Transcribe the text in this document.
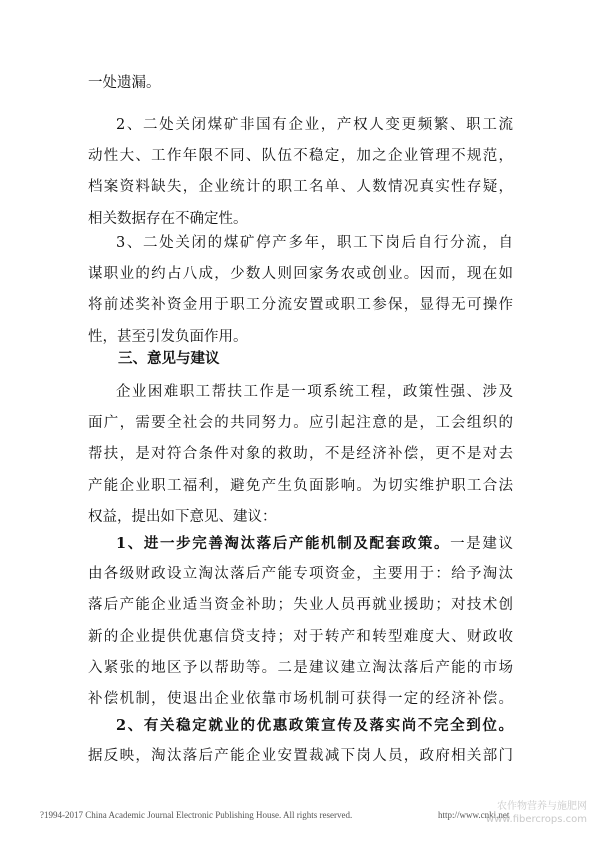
一处遗漏。
2、二处关闭煤矿非国有企业，产权人变更频繁、职工流
动性大、工作年限不同、队伍不稳定，加之企业管理不规范，
档案资料缺失，企业统计的职工名单、人数情况真实性存疑，
相关数据存在不确定性。
3、二处关闭的煤矿停产多年，职工下岗后自行分流，自
谋职业的约占八成，少数人则回家务农或创业。因而，现在如
将前述奖补资金用于职工分流安置或职工参保，显得无可操作
性，甚至引发负面作用。
三、意见与建议
企业困难职工帮扶工作是一项系统工程，政策性强、涉及
面广，需要全社会的共同努力。应引起注意的是，工会组织的
帮扶，是对符合条件对象的救助，不是经济补偿，更不是对去
产能企业职工福利，避免产生负面影响。为切实维护职工合法
权益，提出如下意见、建议：
1、进一步完善淘汰落后产能机制及配套政策。一是建议
由各级财政设立淘汰落后产能专项资金，主要用于：给予淘汰
落后产能企业适当资金补助；失业人员再就业援助；对技术创
新的企业提供优惠信贷支持；对于转产和转型难度大、财政收
入紧张的地区予以帮助等。二是建议建立淘汰落后产能的市场
补偿机制，使退出企业依靠市场机制可获得一定的经济补偿。
2、有关稳定就业的优惠政策宣传及落实尚不完全到位。
据反映，淘汰落后产能企业安置裁减下岗人员，政府相关部门
?1994-2017 China Academic Journal Electronic Publishing House. All rights reserved.	http://www.cnki.net
农作物营养与施肥网
www.fibercrops.com
